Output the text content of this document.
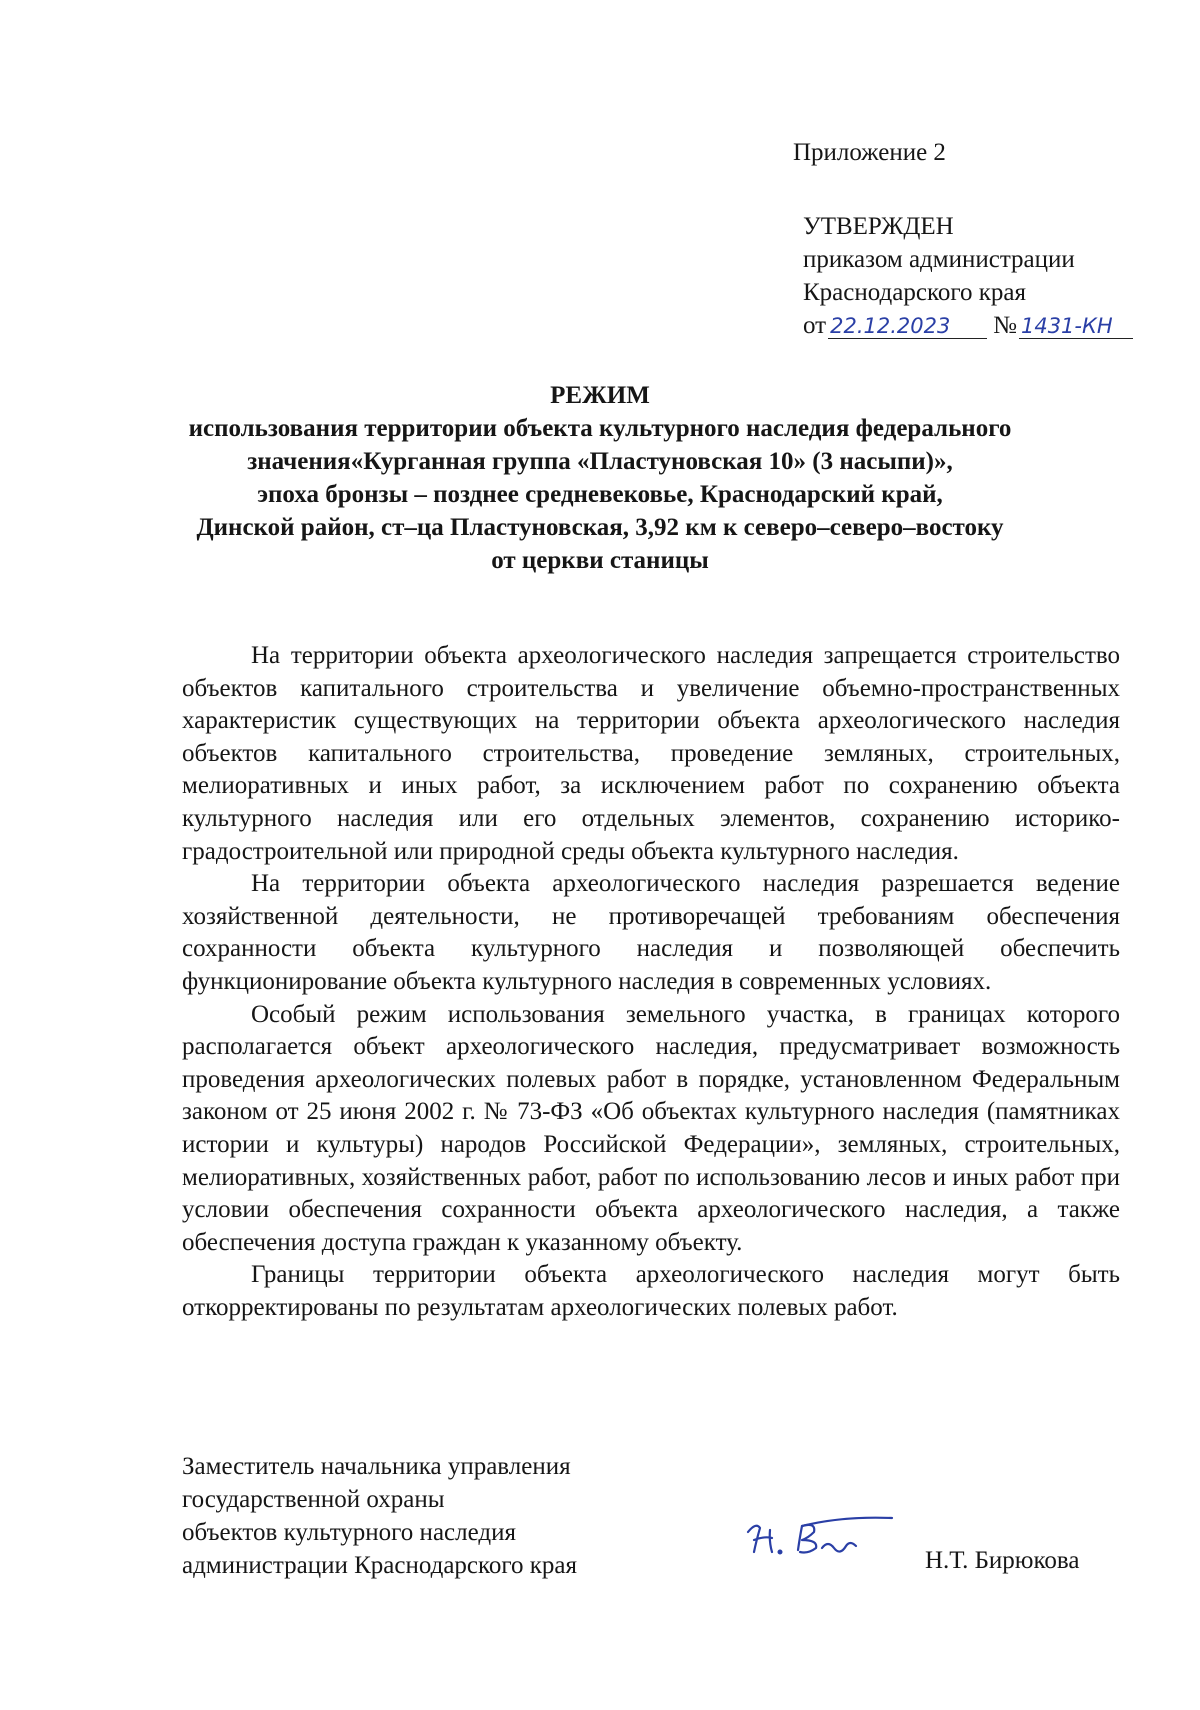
Приложение 2
УТВЕРЖДЕН
приказом администрации
Краснодарского края
от 22.12.2023 № 1431-КН
РЕЖИМ
использования территории объекта культурного наследия федерального
значения«Курганная группа «Пластуновская 10» (3 насыпи)»,
эпоха бронзы – позднее средневековье, Краснодарский край,
Динской район, ст–ца Пластуновская, 3,92 км к северо–северо–востоку
от церкви станицы

На территории объекта археологического наследия запрещается строительство объектов капитального строительства и увеличение объемно-пространственных характеристик существующих на территории объекта археологического наследия объектов капитального строительства, проведение земляных, строительных, мелиоративных и иных работ, за исключением работ по сохранению объекта культурного наследия или его отдельных элементов, сохранению историко-градостроительной или природной среды объекта культурного наследия.

На территории объекта археологического наследия разрешается ведение хозяйственной деятельности, не противоречащей требованиям обеспечения сохранности объекта культурного наследия и позволяющей обеспечить функционирование объекта культурного наследия в современных условиях.

Особый режим использования земельного участка, в границах которого располагается объект археологического наследия, предусматривает возможность проведения археологических полевых работ в порядке, установленном Федеральным законом от 25 июня 2002 г. № 73-ФЗ «Об объектах культурного наследия (памятниках истории и культуры) народов Российской Федерации», земляных, строительных, мелиоративных, хозяйственных работ, работ по использованию лесов и иных работ при условии обеспечения сохранности объекта археологического наследия, а также обеспечения доступа граждан к указанному объекту.

Границы территории объекта археологического наследия могут быть откорректированы по результатам археологических полевых работ.

Заместитель начальника управления
государственной охраны
объектов культурного наследия
администрации Краснодарского края	Н.Т. Бирюкова
